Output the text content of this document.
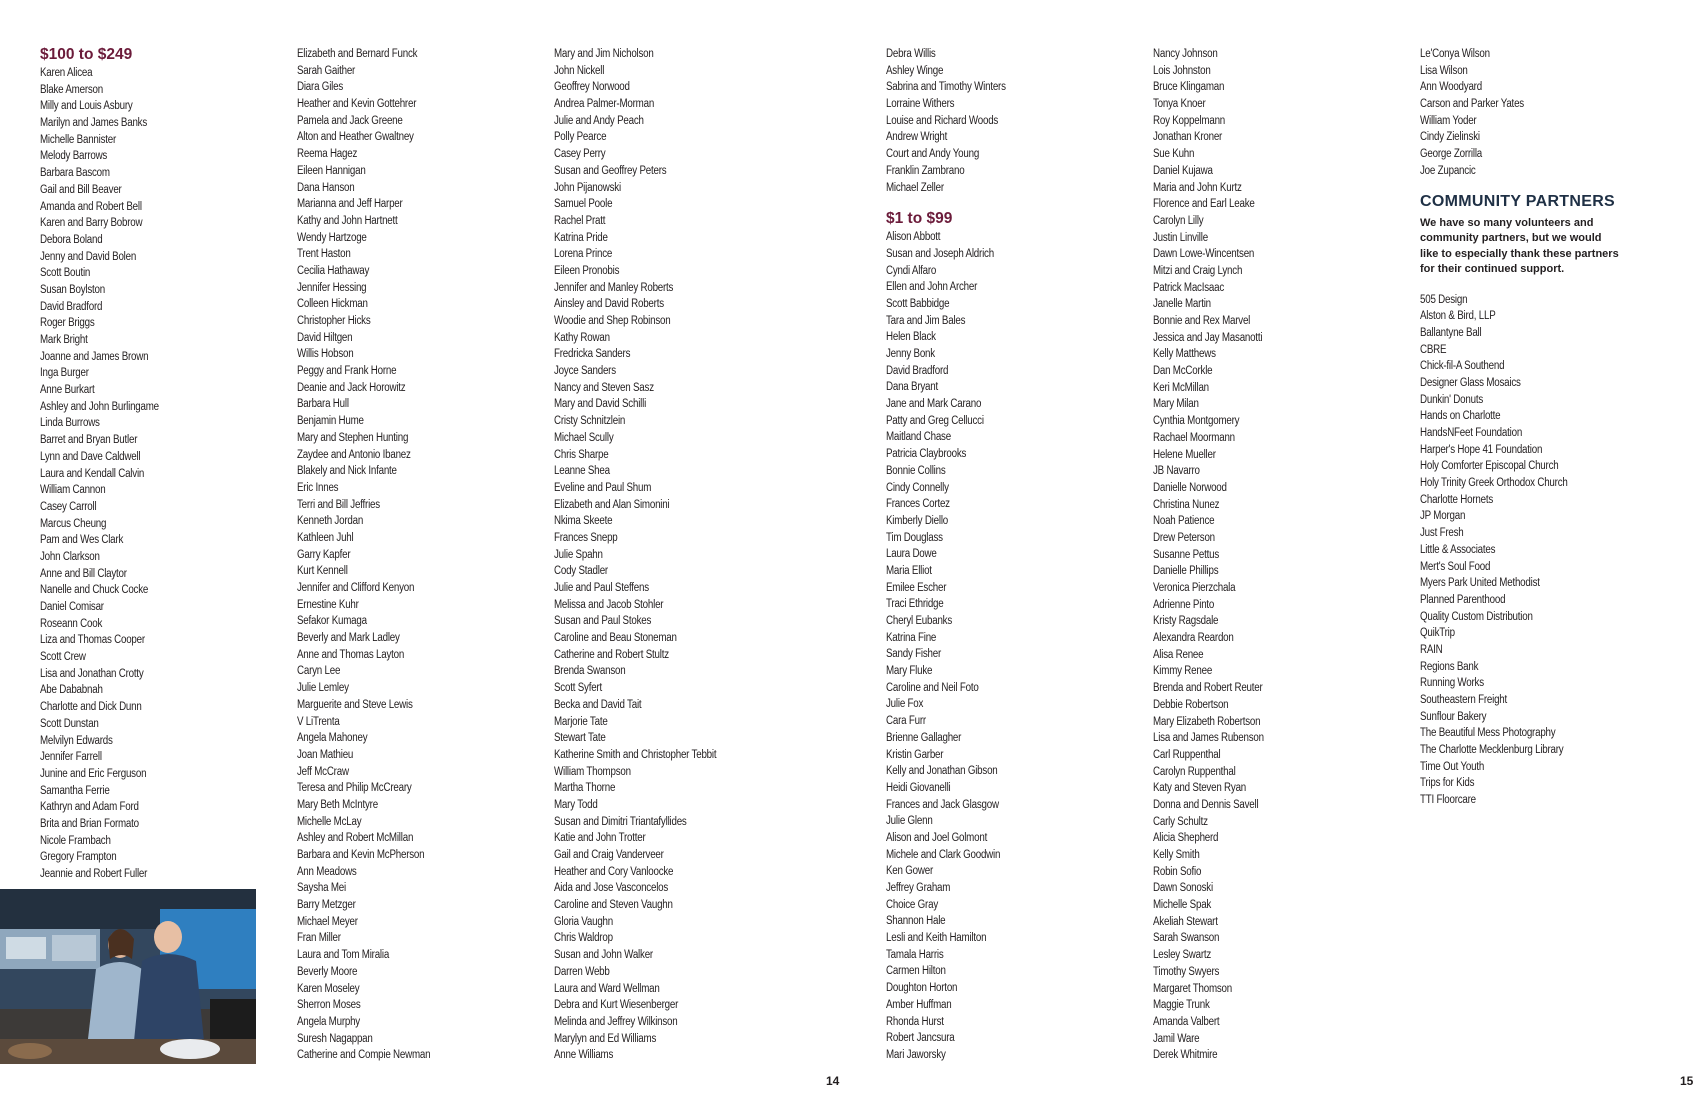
$100 to $249
Karen Alicea
Blake Amerson
Milly and Louis Asbury
Marilyn and James Banks
Michelle Bannister
Melody Barrows
Barbara Bascom
Gail and Bill Beaver
Amanda and Robert Bell
Karen and Barry Bobrow
Debora Boland
Jenny and David Bolen
Scott Boutin
Susan Boylston
David Bradford
Roger Briggs
Mark Bright
Joanne and James Brown
Inga Burger
Anne Burkart
Ashley and John Burlingame
Linda Burrows
Barret and Bryan Butler
Lynn and Dave Caldwell
Laura and Kendall Calvin
William Cannon
Casey Carroll
Marcus Cheung
Pam and Wes Clark
John Clarkson
Anne and Bill Claytor
Nanelle and Chuck Cocke
Daniel Comisar
Roseann Cook
Liza and Thomas Cooper
Scott Crew
Lisa and Jonathan Crotty
Abe Dababnah
Charlotte and Dick Dunn
Scott Dunstan
Melvilyn Edwards
Jennifer Farrell
Junine and Eric Ferguson
Samantha Ferrie
Kathryn and Adam Ford
Brita and Brian Formato
Nicole Frambach
Gregory Frampton
Jeannie and Robert Fuller
Elizabeth and Bernard Funck
Sarah Gaither
Diara Giles
Heather and Kevin Gottehrer
Pamela and Jack Greene
Alton and Heather Gwaltney
Reema Hagez
Eileen Hannigan
Dana Hanson
Marianna and Jeff Harper
Kathy and John Hartnett
Wendy Hartzoge
Trent Haston
Cecilia Hathaway
Jennifer Hessing
Colleen Hickman
Christopher Hicks
David Hiltgen
Willis Hobson
Peggy and Frank Horne
Deanie and Jack Horowitz
Barbara Hull
Benjamin Hume
Mary and Stephen Hunting
Zaydee and Antonio Ibanez
Blakely and Nick Infante
Eric Innes
Terri and Bill Jeffries
Kenneth Jordan
Kathleen Juhl
Garry Kapfer
Kurt Kennell
Jennifer and Clifford Kenyon
Ernestine Kuhr
Sefakor Kumaga
Beverly and Mark Ladley
Anne and Thomas Layton
Caryn Lee
Julie Lemley
Marguerite and Steve Lewis
V LiTrenta
Angela Mahoney
Joan Mathieu
Jeff McCraw
Teresa and Philip McCreary
Mary Beth McIntyre
Michelle McLay
Ashley and Robert McMillan
Barbara and Kevin McPherson
Ann Meadows
Saysha Mei
Barry Metzger
Michael Meyer
Fran Miller
Laura and Tom Miralia
Beverly Moore
Karen Moseley
Sherron Moses
Angela Murphy
Suresh Nagappan
Catherine and Compie Newman
Mary and Jim Nicholson
John Nickell
Geoffrey Norwood
Andrea Palmer-Morman
Julie and Andy Peach
Polly Pearce
Casey Perry
Susan and Geoffrey Peters
John Pijanowski
Samuel Poole
Rachel Pratt
Katrina Pride
Lorena Prince
Eileen Pronobis
Jennifer and Manley Roberts
Ainsley and David Roberts
Woodie and Shep Robinson
Kathy Rowan
Fredricka Sanders
Joyce Sanders
Nancy and Steven Sasz
Mary and David Schilli
Cristy Schnitzlein
Michael Scully
Chris Sharpe
Leanne Shea
Eveline and Paul Shum
Elizabeth and Alan Simonini
Nkima Skeete
Frances Snepp
Julie Spahn
Cody Stadler
Julie and Paul Steffens
Melissa and Jacob Stohler
Susan and Paul Stokes
Caroline and Beau Stoneman
Catherine and Robert Stultz
Brenda Swanson
Scott Syfert
Becka and David Tait
Marjorie Tate
Stewart Tate
Katherine Smith and Christopher Tebbit
William Thompson
Martha Thorne
Mary Todd
Susan and Dimitri Triantafyllides
Katie and John Trotter
Gail and Craig Vanderveer
Heather and Cory Vanloocke
Aida and Jose Vasconcelos
Caroline and Steven Vaughn
Gloria Vaughn
Chris Waldrop
Susan and John Walker
Darren Webb
Laura and Ward Wellman
Debra and Kurt Wiesenberger
Melinda and Jeffrey Wilkinson
Marylyn and Ed Williams
Anne Williams
14
Debra Willis
Ashley Winge
Sabrina and Timothy Winters
Lorraine Withers
Louise and Richard Woods
Andrew Wright
Court and Andy Young
Franklin Zambrano
Michael Zeller
$1 to $99
Alison Abbott
Susan and Joseph Aldrich
Cyndi Alfaro
Ellen and John Archer
Scott Babbidge
Tara and Jim Bales
Helen Black
Jenny Bonk
David Bradford
Dana Bryant
Jane and Mark Carano
Patty and Greg Cellucci
Maitland Chase
Patricia Claybrooks
Bonnie Collins
Cindy Connelly
Frances Cortez
Kimberly Diello
Tim Douglass
Laura Dowe
Maria Elliot
Emilee Escher
Traci Ethridge
Cheryl Eubanks
Katrina Fine
Sandy Fisher
Mary Fluke
Caroline and Neil Foto
Julie Fox
Cara Furr
Brienne Gallagher
Kristin Garber
Kelly and Jonathan Gibson
Heidi Giovanelli
Frances and Jack Glasgow
Julie Glenn
Alison and Joel Golmont
Michele and Clark Goodwin
Ken Gower
Jeffrey Graham
Choice Gray
Shannon Hale
Lesli and Keith Hamilton
Tamala Harris
Carmen Hilton
Doughton Horton
Amber Huffman
Rhonda Hurst
Robert Jancsura
Mari Jaworsky
Nancy Johnson
Lois Johnston
Bruce Klingaman
Tonya Knoer
Roy Koppelmann
Jonathan Kroner
Sue Kuhn
Daniel Kujawa
Maria and John Kurtz
Florence and Earl Leake
Carolyn Lilly
Justin Linville
Dawn Lowe-Wincentsen
Mitzi and Craig Lynch
Patrick MacIsaac
Janelle Martin
Bonnie and Rex Marvel
Jessica and Jay Masanotti
Kelly Matthews
Dan McCorkle
Keri McMillan
Mary Milan
Cynthia Montgomery
Rachael Moormann
Helene Mueller
JB Navarro
Danielle Norwood
Christina Nunez
Noah Patience
Drew Peterson
Susanne Pettus
Danielle Phillips
Veronica Pierzchala
Adrienne Pinto
Kristy Ragsdale
Alexandra Reardon
Alisa Renee
Kimmy Renee
Brenda and Robert Reuter
Debbie Robertson
Mary Elizabeth Robertson
Lisa and James Rubenson
Carl Ruppenthal
Carolyn Ruppenthal
Katy and Steven Ryan
Donna and Dennis Savell
Carly Schultz
Alicia Shepherd
Kelly Smith
Robin Sofio
Dawn Sonoski
Michelle Spak
Akeliah Stewart
Sarah Swanson
Lesley Swartz
Timothy Swyers
Margaret Thomson
Maggie Trunk
Amanda Valbert
Jamil Ware
Derek Whitmire
Le'Conya Wilson
Lisa Wilson
Ann Woodyard
Carson and Parker Yates
William Yoder
Cindy Zielinski
George Zorrilla
Joe Zupancic
COMMUNITY PARTNERS

We have so many volunteers and community partners, but we would like to especially thank these partners for their continued support.

505 Design
Alston & Bird, LLP
Ballantyne Ball
CBRE
Chick-fil-A Southend
Designer Glass Mosaics
Dunkin' Donuts
Hands on Charlotte
HandsNFeet Foundation
Harper's Hope 41 Foundation
Holy Comforter Episcopal Church
Holy Trinity Greek Orthodox Church
Charlotte Hornets
JP Morgan
Just Fresh
Little & Associates
Mert's Soul Food
Myers Park United Methodist
Planned Parenthood
Quality Custom Distribution
QuikTrip
RAIN
Regions Bank
Running Works
Southeastern Freight
Sunflour Bakery
The Beautiful Mess Photography
The Charlotte Mecklenburg Library
Time Out Youth
Trips for Kids
TTI Floorcare
15
